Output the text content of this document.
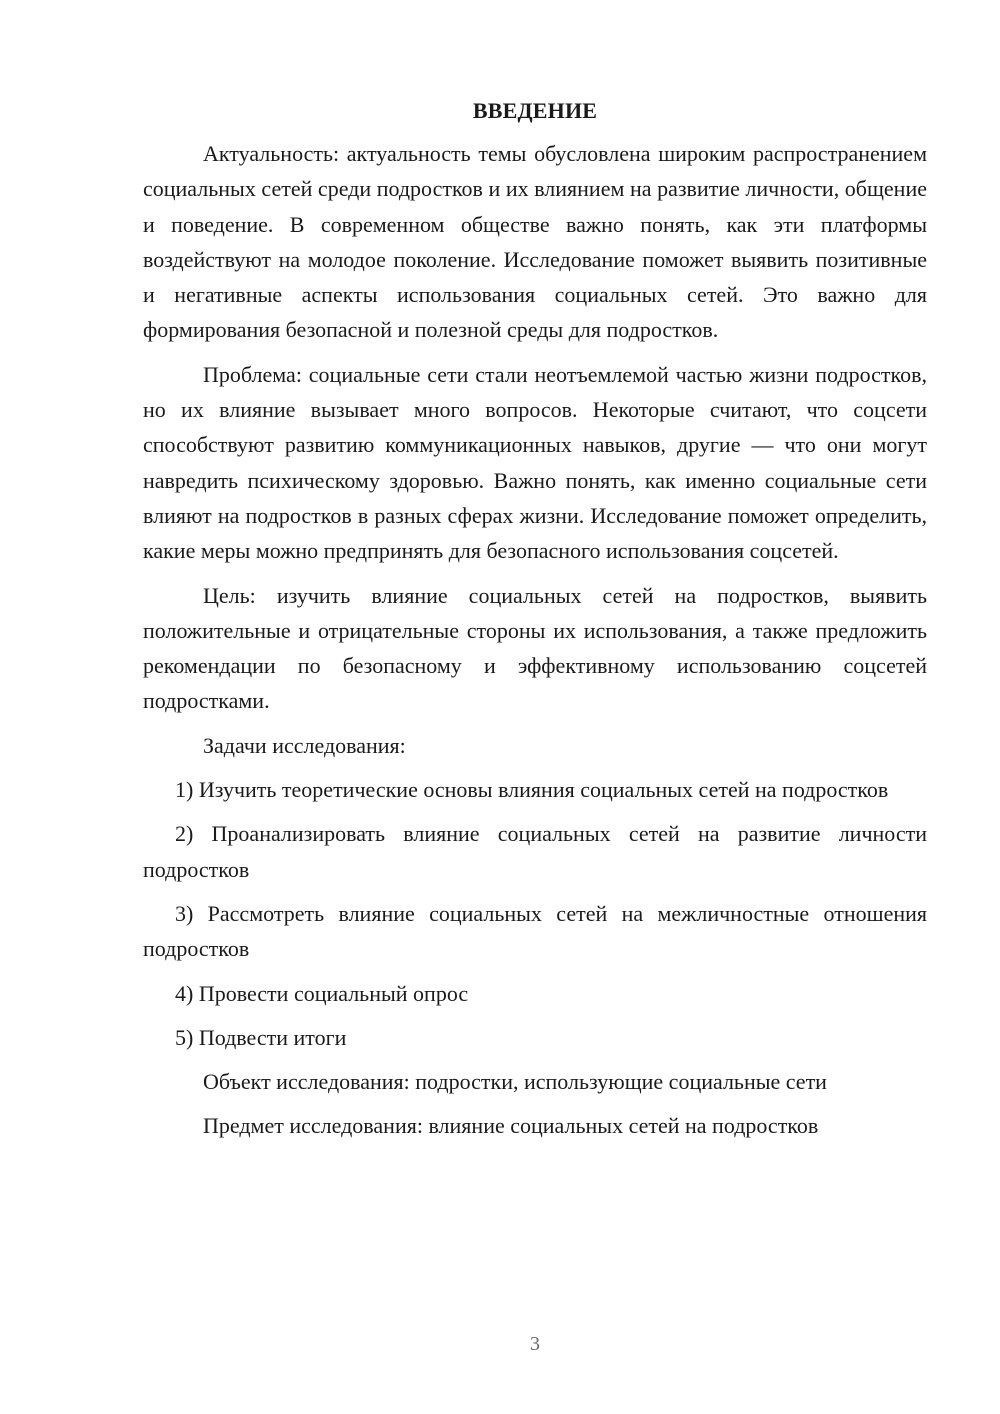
ВВЕДЕНИЕ

Актуальность: актуальность темы обусловлена широким распространением социальных сетей среди подростков и их влиянием на развитие личности, общение и поведение. В современном обществе важно понять, как эти платформы воздействуют на молодое поколение. Исследование поможет выявить позитивные и негативные аспекты использования социальных сетей. Это важно для формирования безопасной и полезной среды для подростков.

Проблема: социальные сети стали неотъемлемой частью жизни подростков, но их влияние вызывает много вопросов. Некоторые считают, что соцсети способствуют развитию коммуникационных навыков, другие — что они могут навредить психическому здоровью. Важно понять, как именно социальные сети влияют на подростков в разных сферах жизни. Исследование поможет определить, какие меры можно предпринять для безопасного использования соцсетей.

Цель: изучить влияние социальных сетей на подростков, выявить положительные и отрицательные стороны их использования, а также предложить рекомендации по безопасному и эффективному использованию соцсетей подростками.

Задачи исследования:

1) Изучить теоретические основы влияния социальных сетей на подростков

2) Проанализировать влияние социальных сетей на развитие личности подростков

3) Рассмотреть влияние социальных сетей на межличностные отношения подростков

4) Провести социальный опрос

5) Подвести итоги

Объект исследования: подростки, использующие социальные сети

Предмет исследования: влияние социальных сетей на подростков

3
